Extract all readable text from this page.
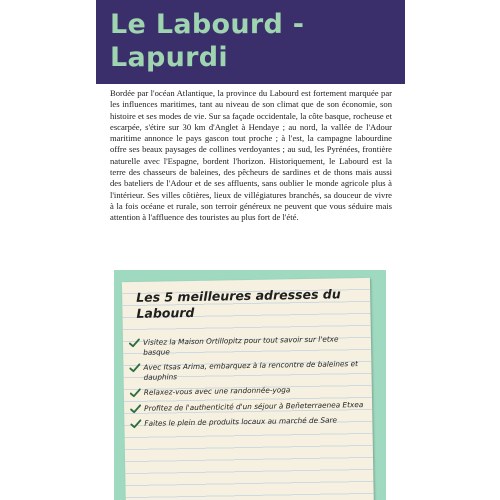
Le Labourd - Lapurdi

Bordée par l'océan Atlantique, la province du Labourd est fortement marquée par les influences maritimes, tant au niveau de son climat que de son économie, son histoire et ses modes de vie. Sur sa façade occidentale, la côte basque, rocheuse et escarpée, s'étire sur 30 km d'Anglet à Hendaye ; au nord, la vallée de l'Adour maritime annonce le pays gascon tout proche ; à l'est, la campagne labourdine offre ses beaux paysages de collines verdoyantes ; au sud, les Pyrénées, frontière naturelle avec l'Espagne, bordent l'horizon. Historiquement, le Labourd est la terre des chasseurs de baleines, des pêcheurs de sardines et de thons mais aussi des bateliers de l'Adour et de ses affluents, sans oublier le monde agricole plus à l'intérieur. Ses villes côtières, lieux de villégiatures branchés, sa douceur de vivre à la fois océane et rurale, son terroir généreux ne peuvent que vous séduire mais attention à l'affluence des touristes au plus fort de l'été.

Les 5 meilleures adresses du Labourd
Visitez la Maison Ortillopitz pour tout savoir sur l'etxe basque
Avec Itsas Arima, embarquez à la rencontre de baleines et dauphins
Relaxez-vous avec une randonnée-yoga
Profitez de l'authenticité d'un séjour à Beñeterraenea Etxea
Faites le plein de produits locaux au marché de Sare
